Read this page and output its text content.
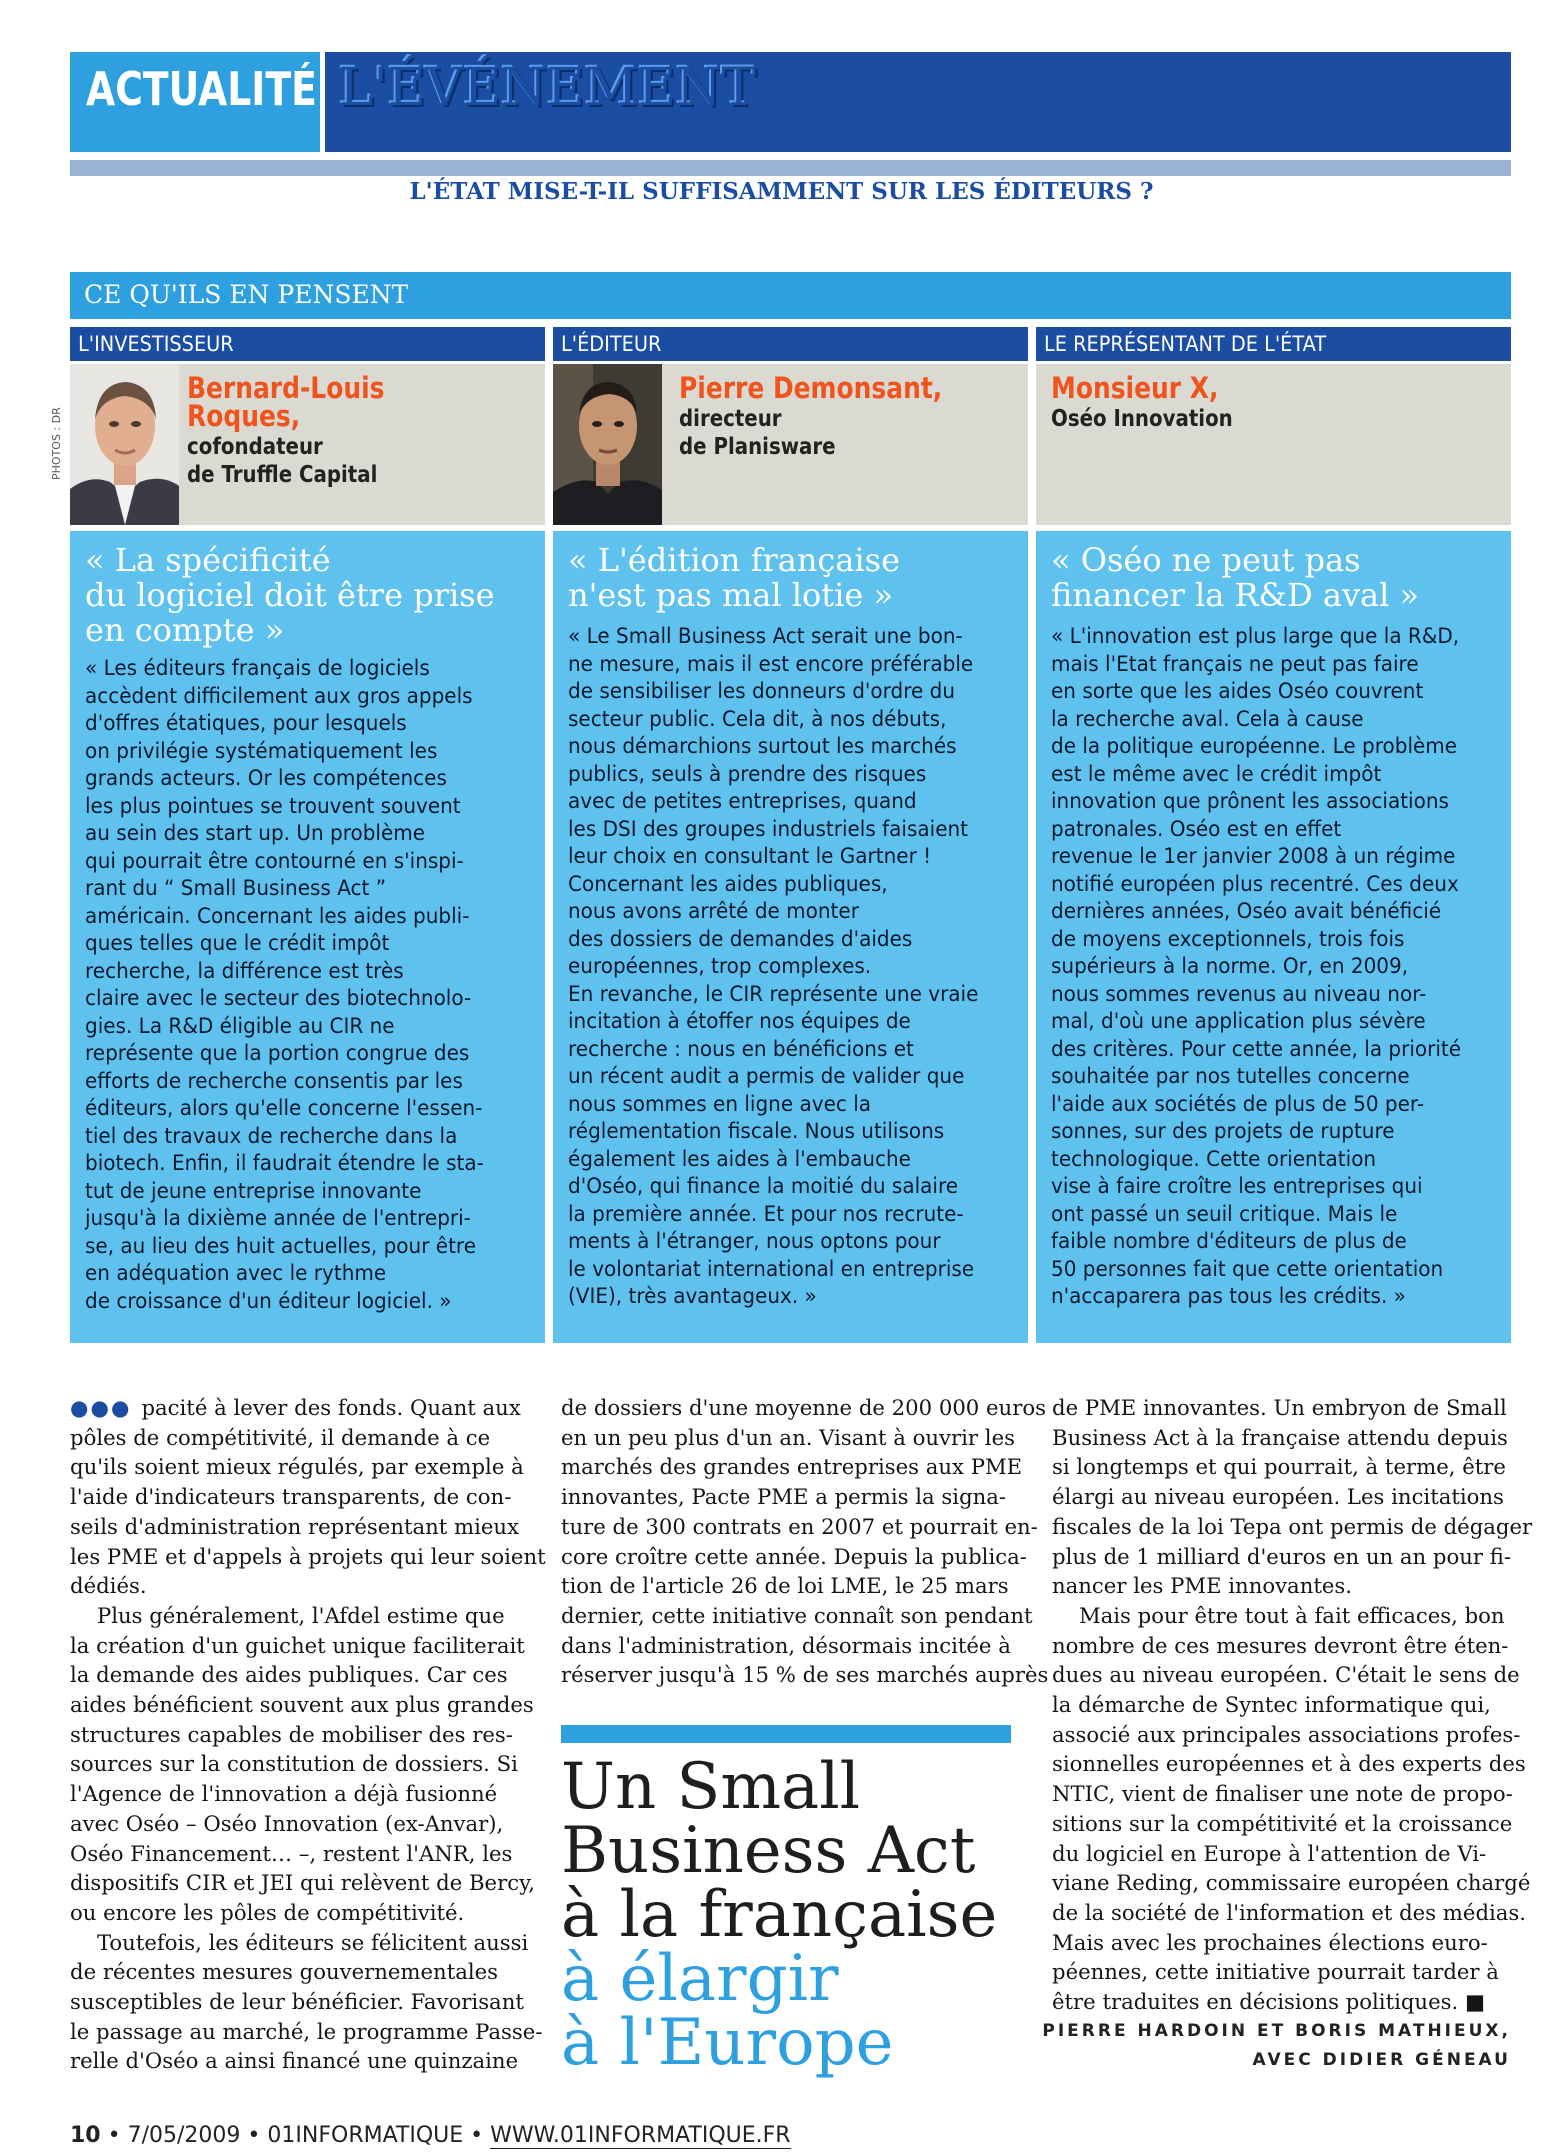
ACTUALITÉ L'ÉVÉNEMENT
L'ÉTAT MISE-T-IL SUFFISAMMENT SUR LES ÉDITEURS ?
CE QU'ILS EN PENSENT
PHOTOS : DR
L'INVESTISSEUR
Bernard-Louis
Roques,
cofondateur
de Truffle Capital
« La spécificité
du logiciel doit être prise
en compte »
« Les éditeurs français de logiciels
accèdent difficilement aux gros appels
d'offres étatiques, pour lesquels
on privilégie systématiquement les
grands acteurs. Or les compétences
les plus pointues se trouvent souvent
au sein des start up. Un problème
qui pourrait être contourné en s'inspi-
rant du “ Small Business Act ”
américain. Concernant les aides publi-
ques telles que le crédit impôt
recherche, la différence est très
claire avec le secteur des biotechnolo-
gies. La R&D éligible au CIR ne
représente que la portion congrue des
efforts de recherche consentis par les
éditeurs, alors qu'elle concerne l'essen-
tiel des travaux de recherche dans la
biotech. Enfin, il faudrait étendre le sta-
tut de jeune entreprise innovante
jusqu'à la dixième année de l'entrepri-
se, au lieu des huit actuelles, pour être
en adéquation avec le rythme
de croissance d'un éditeur logiciel. »
L'ÉDITEUR
Pierre Demonsant,
directeur
de Planisware
« L'édition française
n'est pas mal lotie »
« Le Small Business Act serait une bon-
ne mesure, mais il est encore préférable
de sensibiliser les donneurs d'ordre du
secteur public. Cela dit, à nos débuts,
nous démarchions surtout les marchés
publics, seuls à prendre des risques
avec de petites entreprises, quand
les DSI des groupes industriels faisaient
leur choix en consultant le Gartner !
Concernant les aides publiques,
nous avons arrêté de monter
des dossiers de demandes d'aides
européennes, trop complexes.
En revanche, le CIR représente une vraie
incitation à étoffer nos équipes de
recherche : nous en bénéficions et
un récent audit a permis de valider que
nous sommes en ligne avec la
réglementation fiscale. Nous utilisons
également les aides à l'embauche
d'Oséo, qui finance la moitié du salaire
la première année. Et pour nos recrute-
ments à l'étranger, nous optons pour
le volontariat international en entreprise
(VIE), très avantageux. »
LE REPRÉSENTANT DE L'ÉTAT
Monsieur X,
Oséo Innovation
« Oséo ne peut pas
financer la R&D aval »
« L'innovation est plus large que la R&D,
mais l'Etat français ne peut pas faire
en sorte que les aides Oséo couvrent
la recherche aval. Cela à cause
de la politique européenne. Le problème
est le même avec le crédit impôt
innovation que prônent les associations
patronales. Oséo est en effet
revenue le 1er janvier 2008 à un régime
notifié européen plus recentré. Ces deux
dernières années, Oséo avait bénéficié
de moyens exceptionnels, trois fois
supérieurs à la norme. Or, en 2009,
nous sommes revenus au niveau nor-
mal, d'où une application plus sévère
des critères. Pour cette année, la priorité
souhaitée par nos tutelles concerne
l'aide aux sociétés de plus de 50 per-
sonnes, sur des projets de rupture
technologique. Cette orientation
vise à faire croître les entreprises qui
ont passé un seuil critique. Mais le
faible nombre d'éditeurs de plus de
50 personnes fait que cette orientation
n'accaparera pas tous les crédits. »
●●● pacité à lever des fonds. Quant aux
pôles de compétitivité, il demande à ce
qu'ils soient mieux régulés, par exemple à
l'aide d'indicateurs transparents, de con-
seils d'administration représentant mieux
les PME et d'appels à projets qui leur soient
dédiés.
Plus généralement, l'Afdel estime que
la création d'un guichet unique faciliterait
la demande des aides publiques. Car ces
aides bénéficient souvent aux plus grandes
structures capables de mobiliser des res-
sources sur la constitution de dossiers. Si
l'Agence de l'innovation a déjà fusionné
avec Oséo – Oséo Innovation (ex-Anvar),
Oséo Financement… –, restent l'ANR, les
dispositifs CIR et JEI qui relèvent de Bercy,
ou encore les pôles de compétitivité.
Toutefois, les éditeurs se félicitent aussi
de récentes mesures gouvernementales
susceptibles de leur bénéficier. Favorisant
le passage au marché, le programme Passe-
relle d'Oséo a ainsi financé une quinzaine
de dossiers d'une moyenne de 200 000 euros
en un peu plus d'un an. Visant à ouvrir les
marchés des grandes entreprises aux PME
innovantes, Pacte PME a permis la signa-
ture de 300 contrats en 2007 et pourrait en-
core croître cette année. Depuis la publica-
tion de l'article 26 de loi LME, le 25 mars
dernier, cette initiative connaît son pendant
dans l'administration, désormais incitée à
réserver jusqu'à 15 % de ses marchés auprès
Un Small
Business Act
à la française
à élargir
à l'Europe
de PME innovantes. Un embryon de Small
Business Act à la française attendu depuis
si longtemps et qui pourrait, à terme, être
élargi au niveau européen. Les incitations
fiscales de la loi Tepa ont permis de dégager
plus de 1 milliard d'euros en un an pour fi-
nancer les PME innovantes.
Mais pour être tout à fait efficaces, bon
nombre de ces mesures devront être éten-
dues au niveau européen. C'était le sens de
la démarche de Syntec informatique qui,
associé aux principales associations profes-
sionnelles européennes et à des experts des
NTIC, vient de finaliser une note de propo-
sitions sur la compétitivité et la croissance
du logiciel en Europe à l'attention de Vi-
viane Reding, commissaire européen chargé
de la société de l'information et des médias.
Mais avec les prochaines élections euro-
péennes, cette initiative pourrait tarder à
être traduites en décisions politiques. ■
PIERRE HARDOIN ET BORIS MATHIEUX,
AVEC DIDIER GÉNEAU
10 • 7/05/2009 • 01INFORMATIQUE • WWW.01INFORMATIQUE.FR
